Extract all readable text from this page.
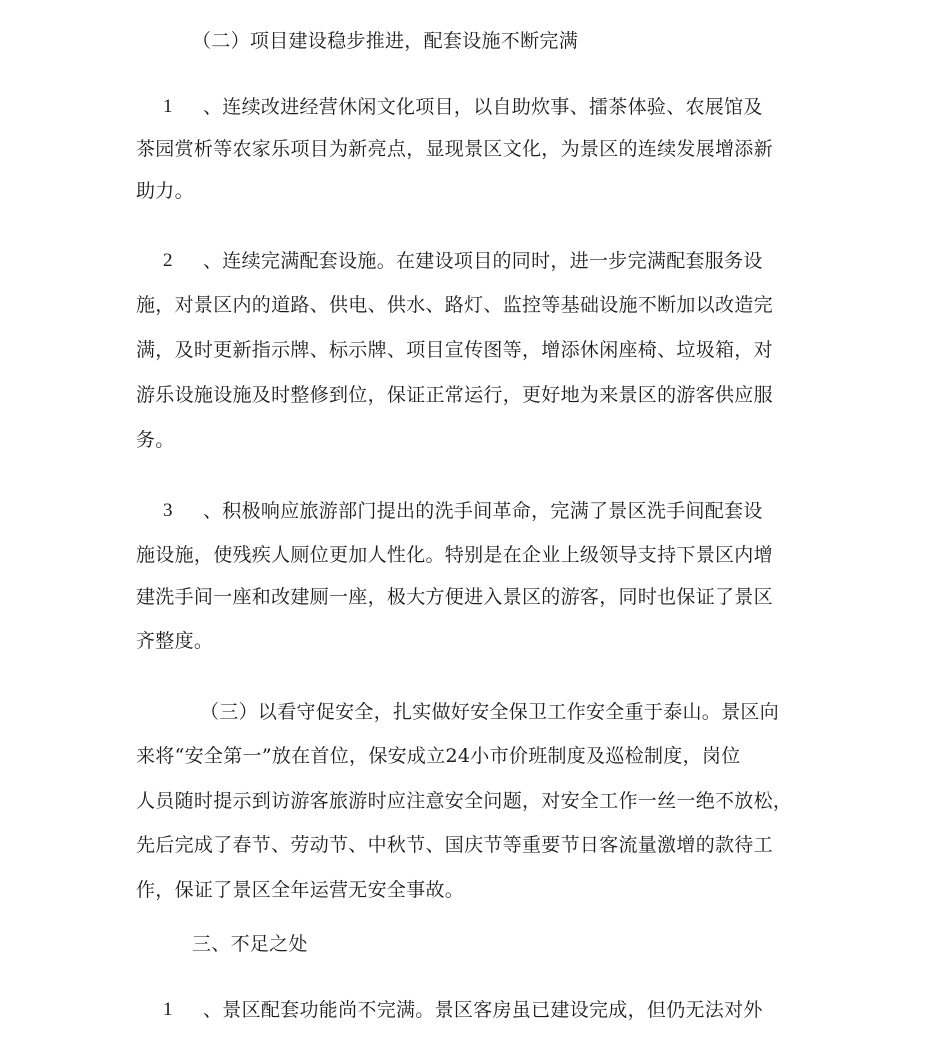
（二）项目建设稳步推进，配套设施不断完满
1 、连续改进经营休闲文化项目，以自助炊事、擂茶体验、农展馆及
茶园赏析等农家乐项目为新亮点，显现景区文化，为景区的连续发展增添新
助力。
2 、连续完满配套设施。在建设项目的同时，进一步完满配套服务设
施，对景区内的道路、供电、供水、路灯、监控等基础设施不断加以改造完
满，及时更新指示牌、标示牌、项目宣传图等，增添休闲座椅、垃圾箱，对
游乐设施设施及时整修到位，保证正常运行，更好地为来景区的游客供应服
务。
3 、积极响应旅游部门提出的洗手间革命，完满了景区洗手间配套设
施设施，使残疾人厕位更加人性化。特别是在企业上级领导支持下景区内增
建洗手间一座和改建厕一座，极大方便进入景区的游客，同时也保证了景区
齐整度。
（三）以看守促安全，扎实做好安全保卫工作安全重于泰山。景区向
来将“安全第一”放在首位，保安成立24小市价班制度及巡检制度，岗位
人员随时提示到访游客旅游时应注意安全问题，对安全工作一丝一绝不放松，
先后完成了春节、劳动节、中秋节、国庆节等重要节日客流量激增的款待工
作，保证了景区全年运营无安全事故。
三、不足之处
1 、景区配套功能尚不完满。景区客房虽已建设完成，但仍无法对外
